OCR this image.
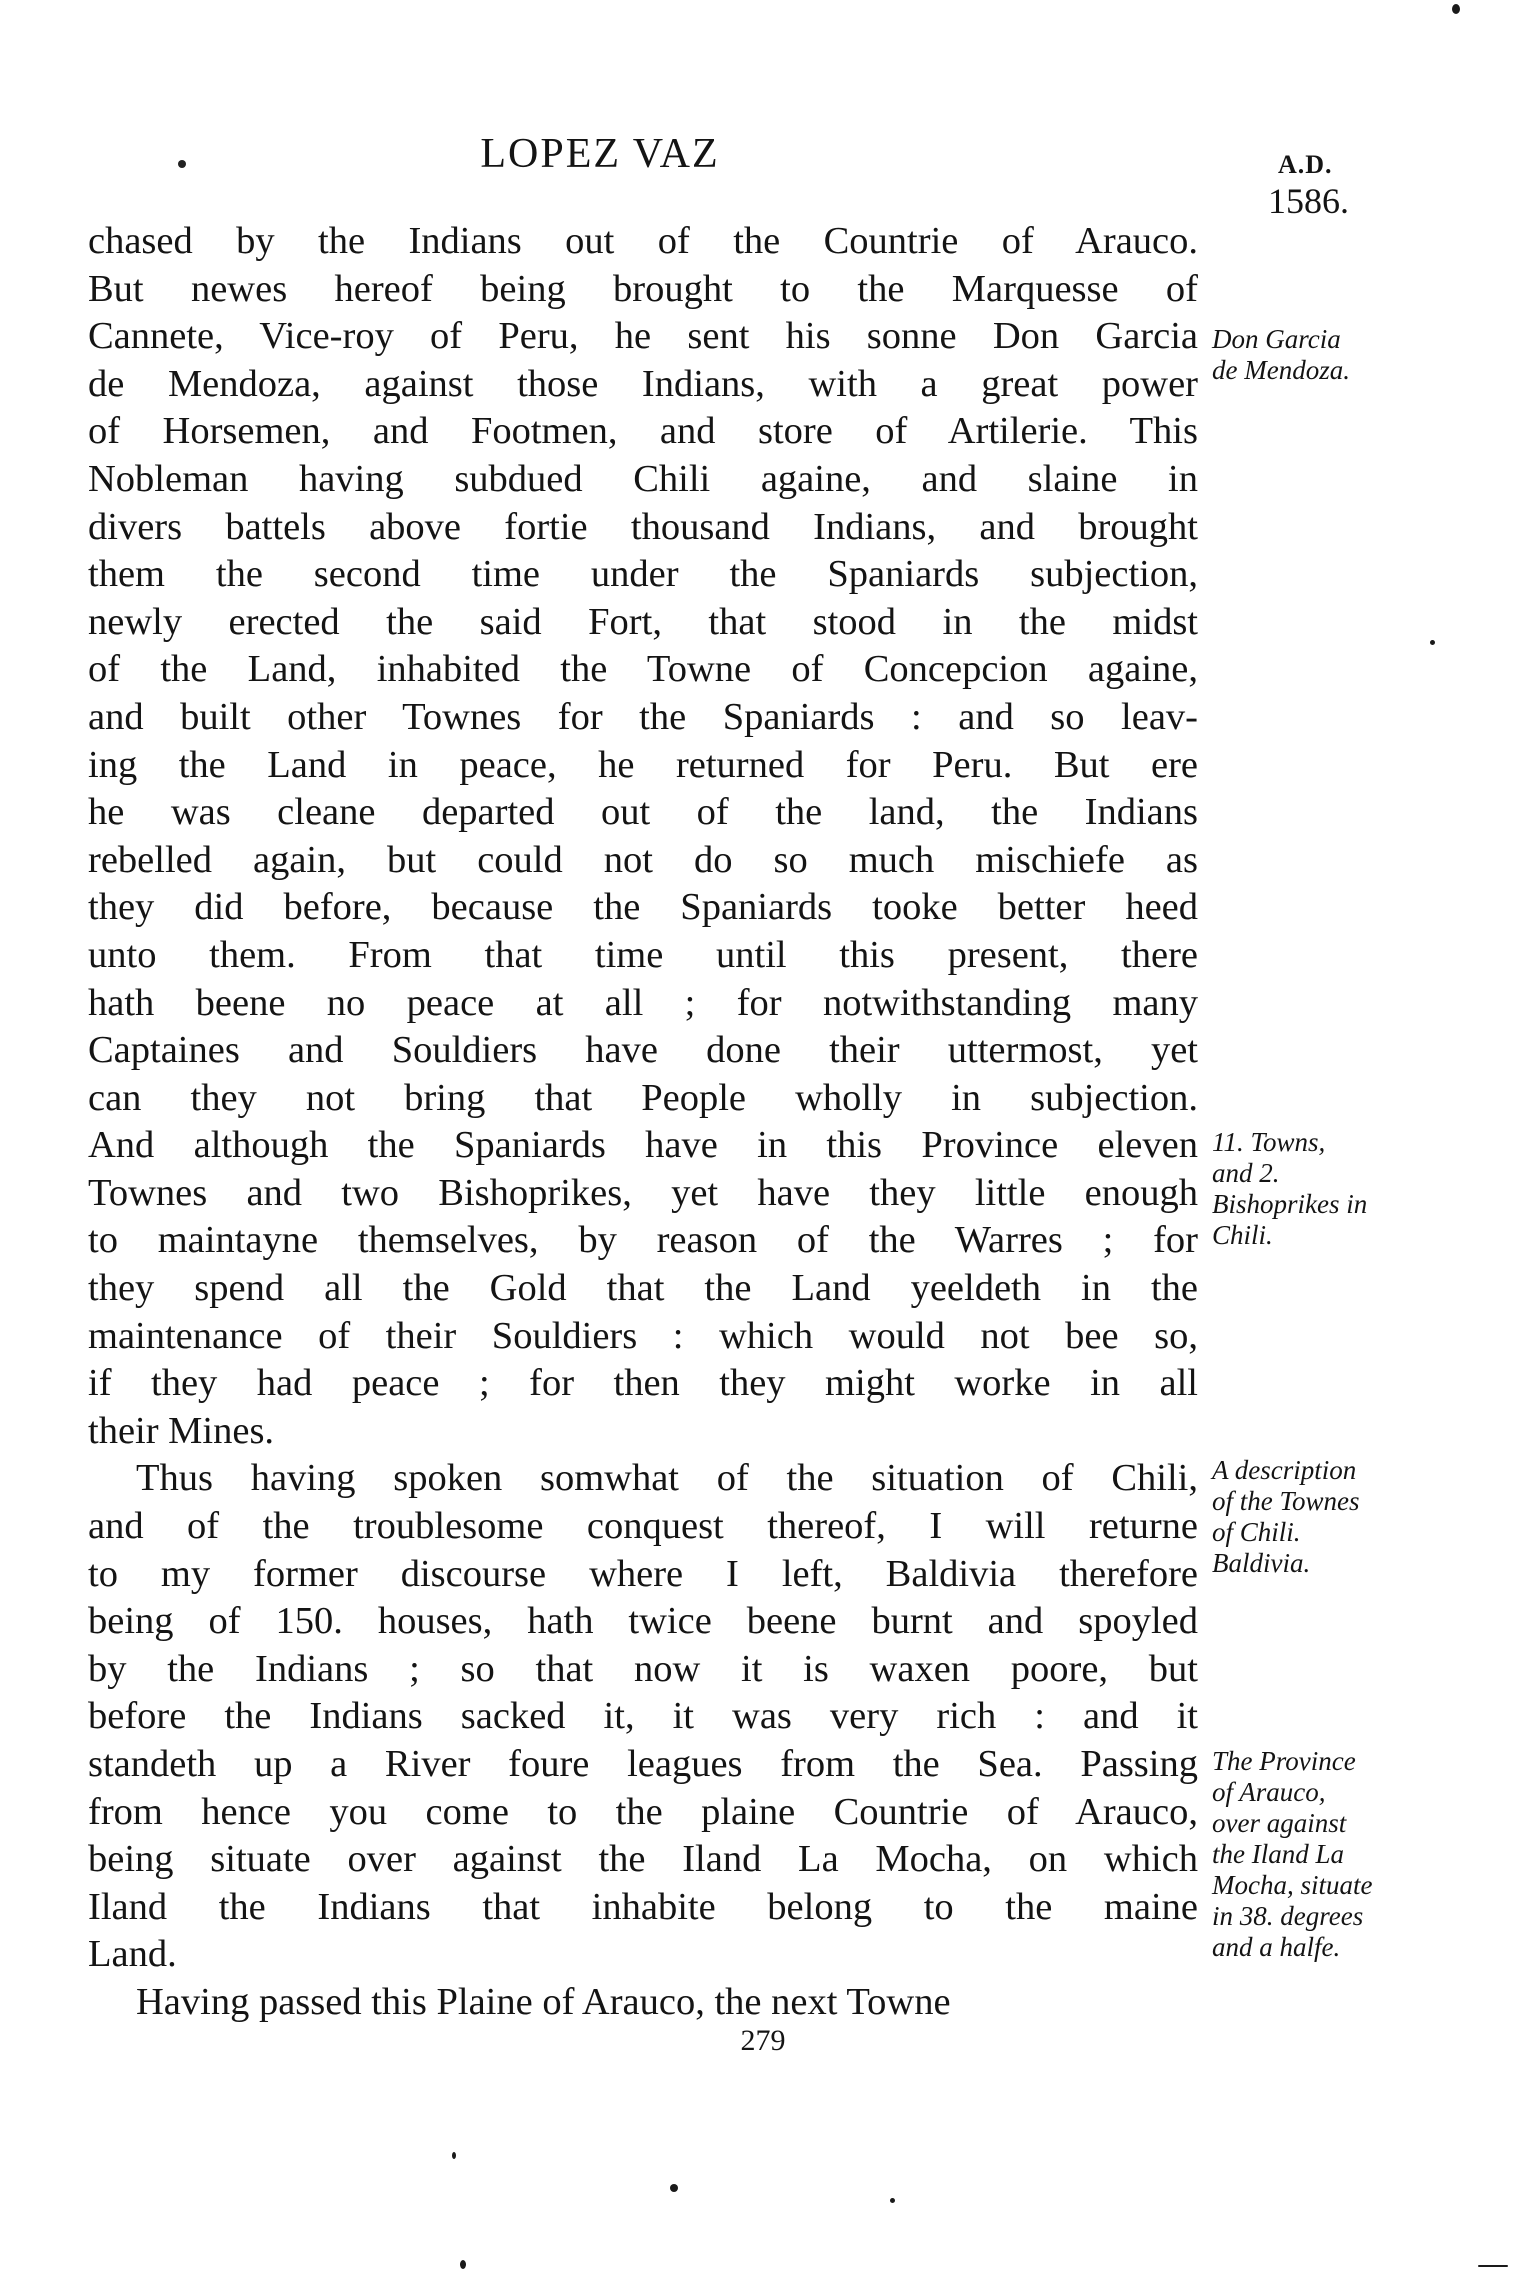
LOPEZ VAZ	A.D.
1586.
chased by the Indians out of the Countrie of Arauco.
But newes hereof being brought to the Marquesse of
Cannete, Vice-roy of Peru, he sent his sonne Don Garcia
de Mendoza, against those Indians, with a great power
of Horsemen, and Footmen, and store of Artilerie. This
Nobleman having subdued Chili againe, and slaine in
divers battels above fortie thousand Indians, and brought
them the second time under the Spaniards subjection,
newly erected the said Fort, that stood in the midst
of the Land, inhabited the Towne of Concepcion againe,
and built other Townes for the Spaniards : and so leav-
ing the Land in peace, he returned for Peru. But ere
he was cleane departed out of the land, the Indians
rebelled again, but could not do so much mischiefe as
they did before, because the Spaniards tooke better heed
unto them. From that time until this present, there
hath beene no peace at all ; for notwithstanding many
Captaines and Souldiers have done their uttermost, yet
can they not bring that People wholly in subjection.
And although the Spaniards have in this Province eleven
Townes and two Bishoprikes, yet have they little enough
to maintayne themselves, by reason of the Warres ; for
they spend all the Gold that the Land yeeldeth in the
maintenance of their Souldiers : which would not bee so,
if they had peace ; for then they might worke in all
their Mines.
Thus having spoken somwhat of the situation of Chili,
and of the troublesome conquest thereof, I will returne
to my former discourse where I left, Baldivia therefore
being of 150. houses, hath twice beene burnt and spoyled
by the Indians ; so that now it is waxen poore, but
before the Indians sacked it, it was very rich : and it
standeth up a River foure leagues from the Sea. Passing
from hence you come to the plaine Countrie of Arauco,
being situate over against the Iland La Mocha, on which
Iland the Indians that inhabite belong to the maine
Land.
Having passed this Plaine of Arauco, the next Towne
Don Garcia
de Mendoza.
11. Towns,
and 2.
Bishoprikes in
Chili.
A description
of the Townes
of Chili.
Baldivia.
The Province
of Arauco,
over against
the Iland La
Mocha, situate
in 38. degrees
and a halfe.
279
